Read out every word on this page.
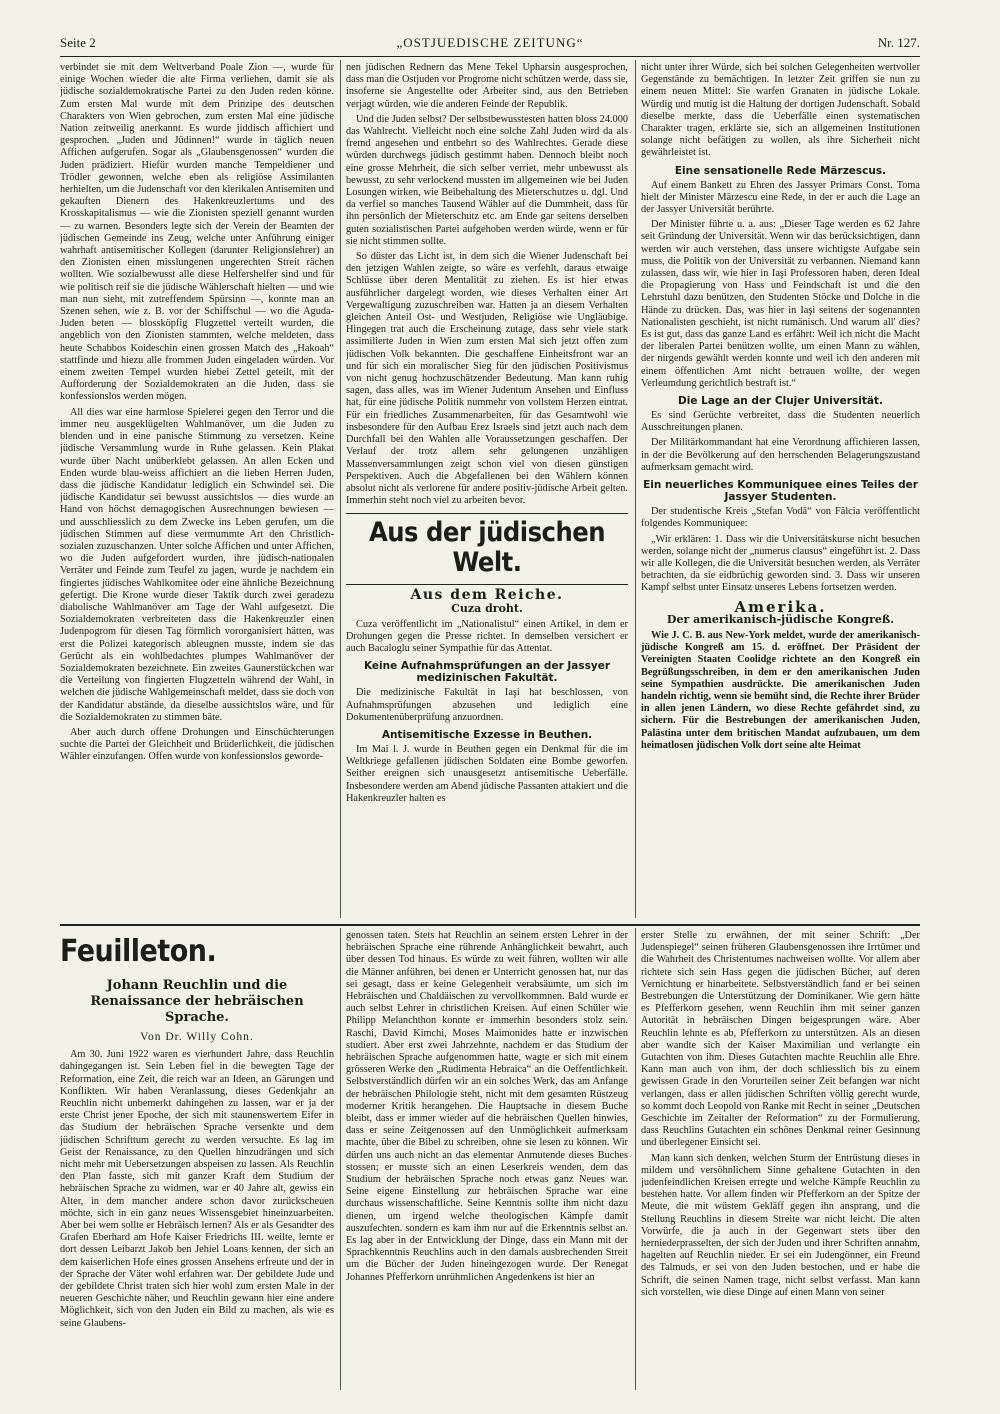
Seite 2	„OSTJUEDISCHE ZEITUNG“	Nr. 127.

verbindet sie mit dem Weltverband Poale Zion —, wurde für einige Wochen wieder die alte Firma verliehen, damit sie als jüdische sozialdemokratische Partei zu den Juden reden könne. Zum ersten Mal wurde mit dem Prinzipe des deutschen Charakters von Wien gebrochen, zum ersten Mal eine jüdische Nation zeitweilig anerkannt. Es wurde jiddisch affichiert und gesprochen. „Juden und Jüdinnen!“ wurde in täglich neuen Affichen aufgerufen. Sogar als „Glaubensgenossen“ wurden die Juden prädiziert. Hiefür wurden manche Tempeldiener und Trödler gewonnen, welche eben als religiöse Assimilanten herhielten, um die Judenschaft vor den klerikalen Antisemiten und gekauften Dienern des Hakenkreuzlertums und des Krosskapitalismus — wie die Zionisten speziell genannt wurden — zu warnen. Besonders legte sich der Verein der Beamten der jüdischen Gemeinde ins Zeug, welche unter Anführung einiger wahrhaft antisemitischer Kollegen (darunter Religionslehrer) an den Zionisten einen misslungenen ungerechten Streit rächen wollten. Wie sozialbewusst alle diese Helfershelfer sind und für wie politisch reif sie die jüdische Wählerschaft hielten — und wie man nun sieht, mit zutreffendem Spürsinn —, konnte man an Szenen sehen, wie z. B. vor der Schiffschul — wo die Aguda-Juden beten — blossköpfig Flugzettel verteilt wurden, die angeblich von den Zionisten stammten, welche meldeten, dass heute Schabbos Koideschin einen grossen Match des „Hakoah“ stattfinde und hiezu alle frommen Juden eingeladen würden. Vor einem zweiten Tempel wurden hiebei Zettel geteilt, mit der Aufforderung der Sozialdemokraten an die Juden, dass sie konfessionslos werden mögen.

All dies war eine harmlose Spielerei gegen den Terror und die immer neu ausgeklügelten Wahlmanöver, um die Juden zu blenden und in eine panische Stimmung zu versetzen. Keine jüdische Versammlung wurde in Ruhe gelassen. Kein Plakat wurde über Nacht unüberklebt gelassen. An allen Ecken und Enden wurde blau-weiss affichiert an die lieben Herren Juden, dass die jüdische Kandidatur lediglich ein Schwindel sei. Die jüdische Kandidatur sei bewusst aussichtslos — dies wurde an Hand von höchst demagogischen Ausrechnungen bewiesen — und ausschliesslich zu dem Zwecke ins Leben gerufen, um die jüdischen Stimmen auf diese vermummte Art den Christlich-sozialen zuzuschanzen. Unter solche Affichen und unter Affichen, wo die Juden aufgefordert wurden, ihre jüdisch-nationalen Verräter und Feinde zum Teufel zu jagen, wurde je nachdem ein fingiertes jüdisches Wahlkomitee oder eine ähnliche Bezeichnung gefertigt. Die Krone wurde dieser Taktik durch zwei geradezu diabolische Wahlmanöver am Tage der Wahl aufgesetzt. Die Sozialdemokraten verbreiteten dass die Hakenkreuzler einen Judenpogrom für diesen Tag förmlich vororganisiert hätten, was erst die Polizei kategorisch ableugnen musste, indem sie das Gerücht als ein wohlbedachtes plumpes Wahlmanöver der Sozialdemokraten bezeichnete. Ein zweites Gaunerstückchen war die Verteilung von fingierten Flugzetteln während der Wahl, in welchen die jüdische Wahlgemeinschaft meldet, dass sie doch von der Kandidatur abstände, da dieselbe aussichtslos wäre, und für die Sozialdemokraten zu stimmen bäte.

Aber auch durch offene Drohungen und Einschüchterungen suchte die Partei der Gleichheit und Brüderlichkeit, die jüdischen Wähler einzufangen. Offen wurde von konfessionslos geworde-

nen jüdischen Rednern das Mene Tekel Upharsin ausgesprochen, dass man die Ostjuden vor Progrome nicht schützen werde, dass sie, insoferne sie Angestellte oder Arbeiter sind, aus den Betrieben verjagt würden, wie die anderen Feinde der Republik.

Und die Juden selbst? Der selbstbewusstesten hatten bloss 24.000 das Wahlrecht. Vielleicht noch eine solche Zahl Juden wird da als fremd angesehen und entbehrt so des Wahlrechtes. Gerade diese würden durchwegs jüdisch gestimmt haben. Dennoch bleibt noch eine grosse Mehrheit, die sich selber verriet, mehr unbewusst als bewusst, zu sehr verlockend mussten im allgemeinen wie bei Juden Losungen wirken, wie Beibehaltung des Mieterschutzes u. dgl. Und da verfiel so manches Tausend Wähler auf die Dummheit, dass für ihn persönlich der Mieterschutz etc. am Ende gar seitens derselben guten sozialistischen Partei aufgehoben werden würde, wenn er für sie nicht stimmen sollte.

So düster das Licht ist, in dem sich die Wiener Judenschaft bei den jetzigen Wahlen zeigte, so wäre es verfehlt, daraus etwaige Schlüsse über deren Mentalität zu ziehen. Es ist hier etwas ausführlicher dargelegt worden, wie dieses Verhalten einer Art Vergewaltigung zuzuschreiben war. Hatten ja an diesem Verhalten gleichen Anteil Ost- und Westjuden, Religiöse wie Ungläubige. Hingegen trat auch die Erscheinung zutage, dass sehr viele stark assimilierte Juden in Wien zum ersten Mal sich jetzt offen zum jüdischen Volk bekannten. Die geschaffene Einheitsfront war an und für sich ein moralischer Sieg für den jüdischen Positivismus von nicht genug hochzuschätzender Bedeutung. Man kann ruhig sagen, dass alles, was im Wiener Judentum Ansehen und Einfluss hat, für eine jüdische Politik nummehr von vollstem Herzen eintrat. Für ein friedliches Zusammenarbeiten, für das Gesamtwohl wie insbesondere für den Aufbau Erez Israels sind jetzt auch nach dem Durchfall bei den Wahlen alle Voraussetzungen geschaffen. Der Verlauf der trotz allem sehr gelungenen unzähligen Massenversammlungen zeigt schon viel von diesen günstigen Perspektiven. Auch die Abgefallenen bei den Wählern können absolut nicht als verlorene für andere positiv-jüdische Arbeit gelten. Immerhin steht noch viel zu arbeiten bevor.

Aus der jüdischen Welt.
Aus dem Reiche.
Cuza droht.

Cuza veröffentlicht im „Nationalistul“ einen Artikel, in dem er Drohungen gegen die Presse richtet. In demselben versichert er auch Bacaloglu seiner Sympathie für das Attentat.

Keine Aufnahmsprüfungen an der Jassyer medizinischen Fakultät.

Die medizinische Fakultät in Iaşi hat beschlossen, von Aufnahmsprüfungen abzusehen und lediglich eine Dokumentenüberprüfung anzuordnen.

Antisemitische Exzesse in Beuthen.

Im Mai l. J. wurde in Beuthen gegen ein Denkmal für die im Weltkriege gefallenen jüdischen Soldaten eine Bombe geworfen. Seither ereignen sich unausgesetzt antisemitische Ueberfälle. Insbesondere werden am Abend jüdische Passanten attakiert und die Hakenkreuzler halten es

nicht unter ihrer Würde, sich bei solchen Gelegenheiten wertvoller Gegenstände zu bemächtigen. In letzter Zeit griffen sie nun zu einem neuen Mittel: Sie warfen Granaten in jüdische Lokale. Würdig und mutig ist die Haltung der dortigen Judenschaft. Sobald dieselbe merkte, dass die Ueberfälle einen systematischen Charakter tragen, erklärte sie, sich an allgemeinen Institutionen solange nicht befätigen zu wollen, als ihre Sicherheit nicht gewährleistet ist.

Eine sensationelle Rede Märzescus.

Auf einem Bankett zu Ehren des Jassyer Primars Const. Toma hielt der Minister Märzescu eine Rede, in der er auch die Lage an der Jassyer Universität berührte.

Der Minister führte u. a. aus: „Dieser Tage werden es 62 Jahre seit Gründung der Universität. Wenn wir das berücksichtigen, dann werden wir auch verstehen, dass unsere wichtigste Aufgabe sein muss, die Politik von der Universität zu verbannen. Niemand kann zulassen, dass wir, wie hier in Iaşi Professoren haben, deren Ideal die Propagierung von Hass und Feindschaft ist und die den Lehrstuhl dazu benützen, den Studenten Stöcke und Dolche in die Hände zu drücken. Das, was hier in Iaşi seitens der sogenannten Nationalisten geschieht, ist nicht rumänisch. Und warum all' dies? Es ist gut, dass das ganze Land es erfährt: Weil ich nicht die Macht der liberalen Partei benützen wollte, um einen Mann zu wählen, der nirgends gewählt werden konnte und weil ich den anderen mit einem öffentlichen Amt nicht betrauen wollte, der wegen Verleumdung gerichtlich bestraft ist.“

Die Lage an der Clujer Universität.

Es sind Gerüchte verbreitet, dass die Studenten neuerlich Ausschreitungen planen.

Der Militärkommandant hat eine Verordnung affichieren lassen, in der die Bevölkerung auf den herrschenden Belagerungszustand aufmerksam gemacht wird.

Ein neuerliches Kommuniquee eines Teiles der Jassyer Studenten.

Der studentische Kreis „Stefan Vodă“ von Fălcia veröffentlicht folgendes Kommuniquee:

„Wir erklären: 1. Dass wir die Universitätskurse nicht besuchen werden, solange nicht der „numerus clausus“ eingeführt ist. 2. Dass wir alle Kollegen, die die Universität besuchen werden, als Verräter betrachten, da sie eidbrüchig geworden sind. 3. Dass wir unseren Kampf selbst unter Einsatz unseres Lebens fortsetzen werden.

Amerika.
Der amerikanisch-jüdische Kongreß.

Wie J. C. B. aus New-York meldet, wurde der amerikanisch-jüdische Kongreß am 15. d. eröffnet. Der Präsident der Vereinigten Staaten Coolidge richtete an den Kongreß ein Begrüßungsschreiben, in dem er den amerikanischen Juden seine Sympathien ausdrückte. Die amerikanischen Juden handeln richtig, wenn sie bemüht sind, die Rechte ihrer Brüder in allen jenen Ländern, wo diese Rechte gefährdet sind, zu sichern. Für die Bestrebungen der amerikanischen Juden, Palästina unter dem britischen Mandat aufzubauen, um dem heimatlosen jüdischen Volk dort seine alte Heimat

Feuilleton.
Johann Reuchlin und die Renaissance der hebräischen Sprache.
Von Dr. Willy Cohn.

Am 30. Juni 1922 waren es vierhundert Jahre, dass Reuchlin dahingegangen ist. Sein Leben fiel in die bewegten Tage der Reformation, eine Zeit, die reich war an Ideen, an Gärungen und Konflikten. Wir haben Veranlassung, dieses Gedenkjahr an Reuchlin nicht unbemerkt dahingehen zu lassen, war er ja der erste Christ jener Epoche, der sich mit staunenswertem Eifer in das Studium der hebräischen Sprache versenkte und dem jüdischen Schrifttum gerecht zu werden versuchte. Es lag im Geist der Renaissance, zu den Quellen hinzudrängen und sich nicht mehr mit Uebersetzungen abspeisen zu lassen. Als Reuchlin den Plan fasste, sich mit ganzer Kraft dem Studium der hebräischen Sprache zu widmen, war er 40 Jahre alt, gewiss ein Alter, in dem mancher andere schon davor zurückscheuen möchte, sich in ein ganz neues Wissensgebiet hineinzuarbeiten. Aber bei wem sollte er Hebräisch lernen? Als er als Gesandter des Grafen Eberhard am Hofe Kaiser Friedrichs III. weilte, lernte er dort dessen Leibarzt Jakob ben Jehiel Loans kennen, der sich an dem kaiserlichen Hofe eines grossen Ansehens erfreute und der in der Sprache der Väter wohl erfahren war. Der gebildete Jude und der gebildete Christ traten sich hier wohl zum ersten Male in der neueren Geschichte näher, und Reuchlin gewann hier eine andere Möglichkeit, sich von den Juden ein Bild zu machen, als wie es seine Glaubens-

genossen taten. Stets hat Reuchlin an seinem ersten Lehrer in der hebräischen Sprache eine rührende Anhänglichkeit bewahrt, auch über dessen Tod hinaus. Es würde zu weit führen, wollten wir alle die Männer anführen, bei denen er Unterricht genossen hat, nur das sei gesagt, dass er keine Gelegenheit verabsäumte, um sich im Hebräischen und Chaldäischen zu vervollkommnen. Bald wurde er auch selbst Lehrer in christlichen Kreisen. Auf einen Schüler wie Philipp Melanchthon konnte er immerhin besonders stolz sein. Raschi, David Kimchi, Moses Maimonides hatte er inzwischen studiert. Aber erst zwei Jahrzehnte, nachdem er das Studium der hebräischen Sprache aufgenommen hatte, wagte er sich mit einem grösseren Werke den „Rudimenta Hebraica“ an die Oeffentlichkeit. Selbstverständlich dürfen wir an ein solches Werk, das am Anfange der hebräischen Philologie steht, nicht mit dem gesamten Rüstzeug moderner Kritik herangehen. Die Hauptsache in diesem Buche bleibt, dass er immer wieder auf die hebräischen Quellen hinwies, dass er seine Zeitgenossen auf den Unmöglichkeit aufmerksam machte, über die Bibel zu schreiben, ohne sie lesen zu können. Wir dürfen uns auch nicht an das elementar Anmutende dieses Buches stossen; er musste sich an einen Leserkreis wenden, dem das Studium der hebräischen Sprache noch etwas ganz Neues war. Seine eigene Einstellung zur hebräischen Sprache war eine durchaus wissenschaftliche. Seine Kenntnis sollte ihm nicht dazu dienen, um irgend welche theologischen Kämpfe damit auszufechten. sondern es kam ihm nur auf die Erkenntnis selbst an. Es lag aber in der Entwicklung der Dinge, dass ein Mann mit der Sprachkenntnis Reuchlins auch in den damals ausbrechenden Streit um die Bücher der Juden hineingezogen wurde. Der Renegat Johannes Pfefferkorn unrühmlichen Angedenkens ist hier an

erster Stelle zu erwähnen, der mit seiner Schrift: „Der Judenspiegel“ seinen früheren Glaubensgenossen ihre Irrtümer und die Wahrheit des Christentumes nachweisen wollte. Vor allem aber richtete sich sein Hass gegen die jüdischen Bücher, auf deren Vernichtung er hinarbeitete. Selbstverständlich fand er bei seinen Bestrebungen die Unterstützung der Dominikaner. Wie gern hätte es Pfefferkorn gesehen, wenn Reuchlin ihm mit seiner ganzen Autorität in hebräischen Dingen beigesprungen wäre. Aber Reuchlin lehnte es ab, Pfefferkorn zu unterstützen. Als an diesen aber wandte sich der Kaiser Maximilian und verlangte ein Gutachten von ihm. Dieses Gutachten machte Reuchlin alle Ehre. Kann man auch von ihm, der doch schliesslich bis zu einem gewissen Grade in den Vorurteilen seiner Zeit befangen war nicht verlangen, dass er allen jüdischen Schriften völlig gerecht wurde, so kommt doch Leopold von Ranke mit Recht in seiner „Deutschen Geschichte im Zeitalter der Reformation“ zu der Formulierung, dass Reuchlins Gutachten ein schönes Denkmal reiner Gesinnung und überlegener Einsicht sei.

Man kann sich denken, welchen Sturm der Entrüstung dieses in mildem und versöhnlichem Sinne gehaltene Gutachten in den judenfeindlichen Kreisen erregte und welche Kämpfe Reuchlin zu bestehen hatte. Vor allem finden wir Pfefferkorn an der Spitze der Meute, die mit wüstem Gekläff gegen ihn ansprang, und die Stellung Reuchlins in diesem Streite war nicht leicht. Die alten Vorwürfe, die ja auch in der Gegenwart stets über den herniederprasselten, der sich der Juden und ihrer Schriften annahm, hagelten auf Reuchlin nieder. Er sei ein Judengönner, ein Freund des Talmuds, er sei von den Juden bestochen, und er habe die Schrift, die seinen Namen trage, nicht selbst verfasst. Man kann sich vorstellen, wie diese Dinge auf einen Mann von seiner
